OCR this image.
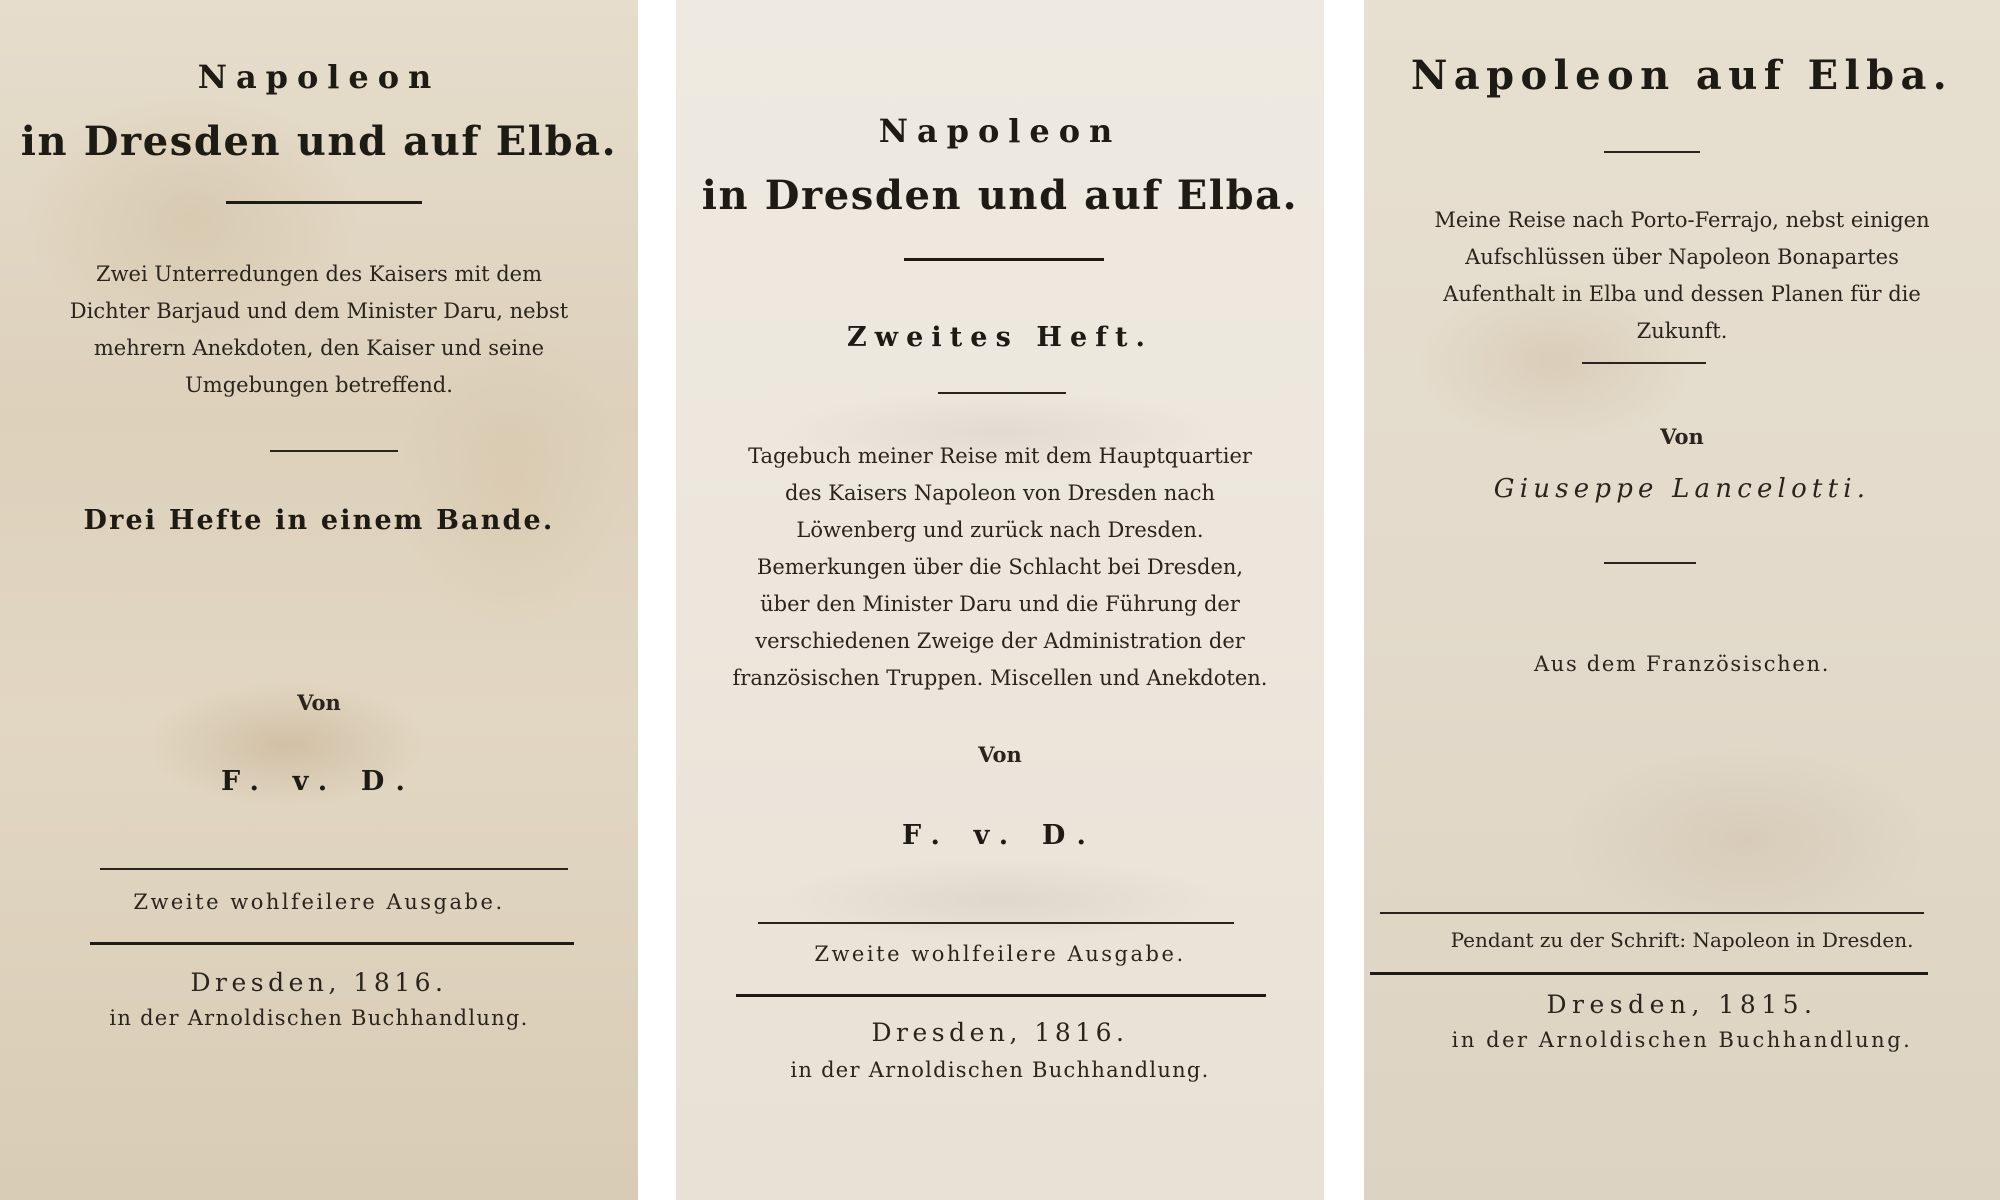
Napoleon
in Dresden und auf Elba.
Zwei Unterredungen des Kaisers mit dem Dichter Barjaud und dem Minister Daru, nebst mehrern Anekdoten, den Kaiser und seine Umgebungen betreffend.
Drei Hefte in einem Bande.
Von
F. v. D.
Zweite wohlfeilere Ausgabe.
Dresden, 1816.
in der Arnoldischen Buchhandlung.
Napoleon
in Dresden und auf Elba.
Zweites Heft.
Tagebuch meiner Reise mit dem Hauptquartier des Kaisers Napoleon von Dresden nach Löwenberg und zurück nach Dresden. Bemerkungen über die Schlacht bei Dresden, über den Minister Daru und die Führung der verschiedenen Zweige der Administration der französischen Truppen. Miscellen und Anekdoten.
Von
F. v. D.
Zweite wohlfeilere Ausgabe.
Dresden, 1816.
in der Arnoldischen Buchhandlung.
Napoleon auf Elba.
Meine Reise nach Porto-Ferrajo, nebst einigen Aufschlüssen über Napoleon Bonapartes Aufenthalt in Elba und dessen Planen für die Zukunft.
Von
Giuseppe Lancelotti.
Aus dem Französischen.
Pendant zu der Schrift: Napoleon in Dresden.
Dresden, 1815.
in der Arnoldischen Buchhandlung.
